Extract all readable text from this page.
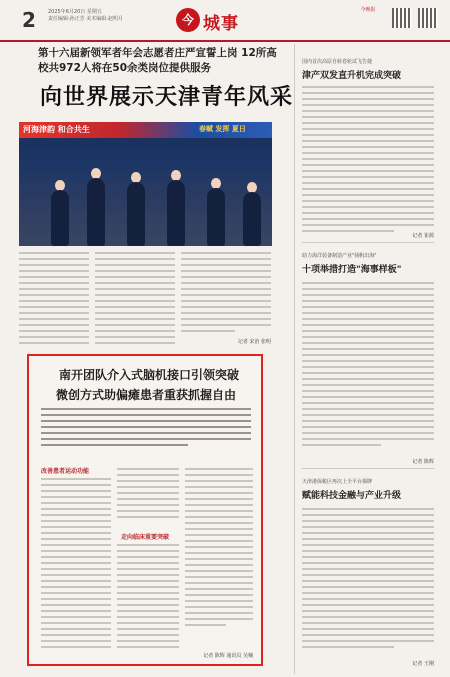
2 2025年6月20日 星期五
责任编辑:孙正芳 美术编辑:赵明月	今 城事
今晚报
第十六届新领军者年会志愿者庄严宣誓上岗 12所高校共972人将在50余类岗位提供服务
向世界展示天津青年风采
河海津韵 和合共生	春赋 发挥 夏日
记者 宋治 张明
南开团队介入式脑机接口引领突破
微创方式助偏瘫患者重获抓握自由
改善患者运动功能
走向临床重要突破
记者 陈辉 通讯员 吴楠
国内首次高原自转卷轮试飞告捷
津产双发直升机完成突破
记者 崔源
助力海洋装备制造产业"扬帆出海"
十项举措打造"海事样板"
记者 陈辉
天津港保税区再次上全平台揭牌
赋能科技金融与产业升级
记者 王刚
